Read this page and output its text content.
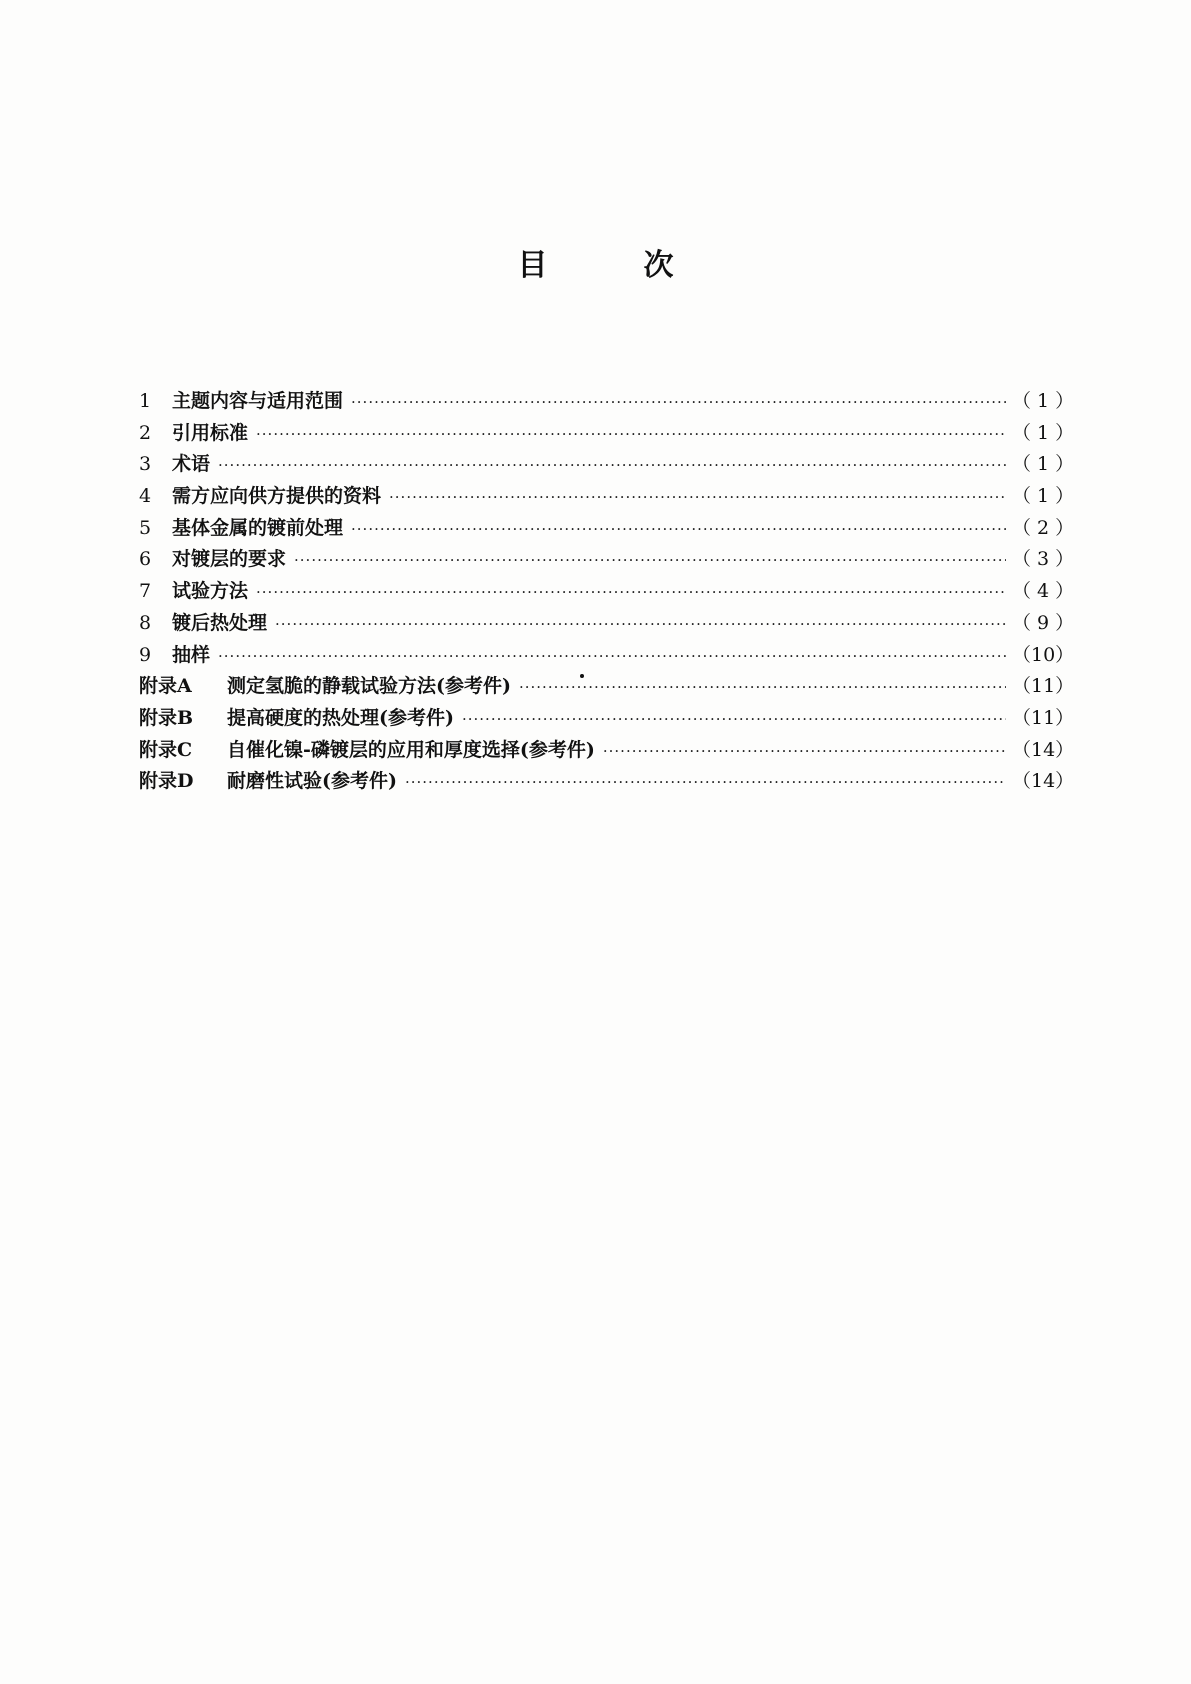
目	次
1	主题内容与适用范围 ·····	（ 1 ）
2	引用标准 ·····	（ 1 ）
3	术语 ·····	（ 1 ）
4	需方应向供方提供的资料 ·····	（ 1 ）
5	基体金属的镀前处理 ·····	（ 2 ）
6	对镀层的要求 ·····	（ 3 ）
7	试验方法 ·····	（ 4 ）
8	镀后热处理 ·····	（ 9 ）
9	抽样 ·····	（10）
附录A	测定氢脆的静载试验方法(参考件) ·····	（11）
附录B	提高硬度的热处理(参考件) ·····	（11）
附录C	自催化镍-磷镀层的应用和厚度选择(参考件) ·····	（14）
附录D	耐磨性试验(参考件) ·····	（14）
